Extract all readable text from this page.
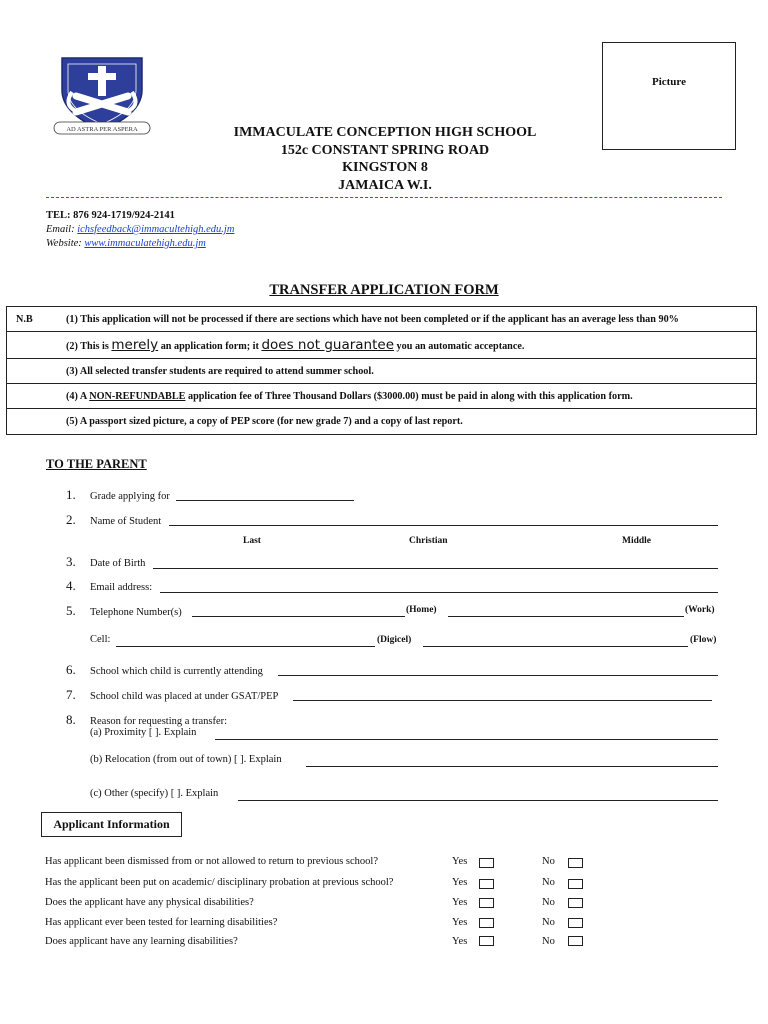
AD ASTRA PER ASPERA
Picture
IMMACULATE CONCEPTION HIGH SCHOOL
152c CONSTANT SPRING ROAD
KINGSTON 8
JAMAICA W.I.
TEL: 876 924-1719/924-2141
Email: ichsfeedback@immacultehigh.edu.jm
Website: www.immaculatehigh.edu.jm
TRANSFER APPLICATION FORM
N.B	(1) This application will not be processed if there are sections which have not been completed or if the applicant has an average less than 90%
	(2) This is merely an application form; it does not guarantee you an automatic acceptance.
	(3) All selected transfer students are required to attend summer school.
	(4) A NON-REFUNDABLE application fee of Three Thousand Dollars ($3000.00) must be paid in along with this application form.
	(5) A passport sized picture, a copy of PEP score (for new grade 7) and a copy of last report.
TO THE PARENT
1. Grade applying for
2. Name of Student
Last	Christian	Middle
3. Date of Birth
4. Email address:
5. Telephone Number(s)	(Home)	(Work)
Cell:	(Digicel)	(Flow)
6. School which child is currently attending
7. School child was placed at under GSAT/PEP
8. Reason for requesting a transfer:
(a) Proximity [ ]. Explain
(b) Relocation (from out of town) [ ]. Explain
(c) Other (specify) [ ]. Explain
Applicant Information
Has applicant been dismissed from or not allowed to return to previous school?	Yes	No
Has the applicant been put on academic/ disciplinary probation at previous school?	Yes	No
Does the applicant have any physical disabilities?	Yes	No
Has applicant ever been tested for learning disabilities?	Yes	No
Does applicant have any learning disabilities?	Yes	No
